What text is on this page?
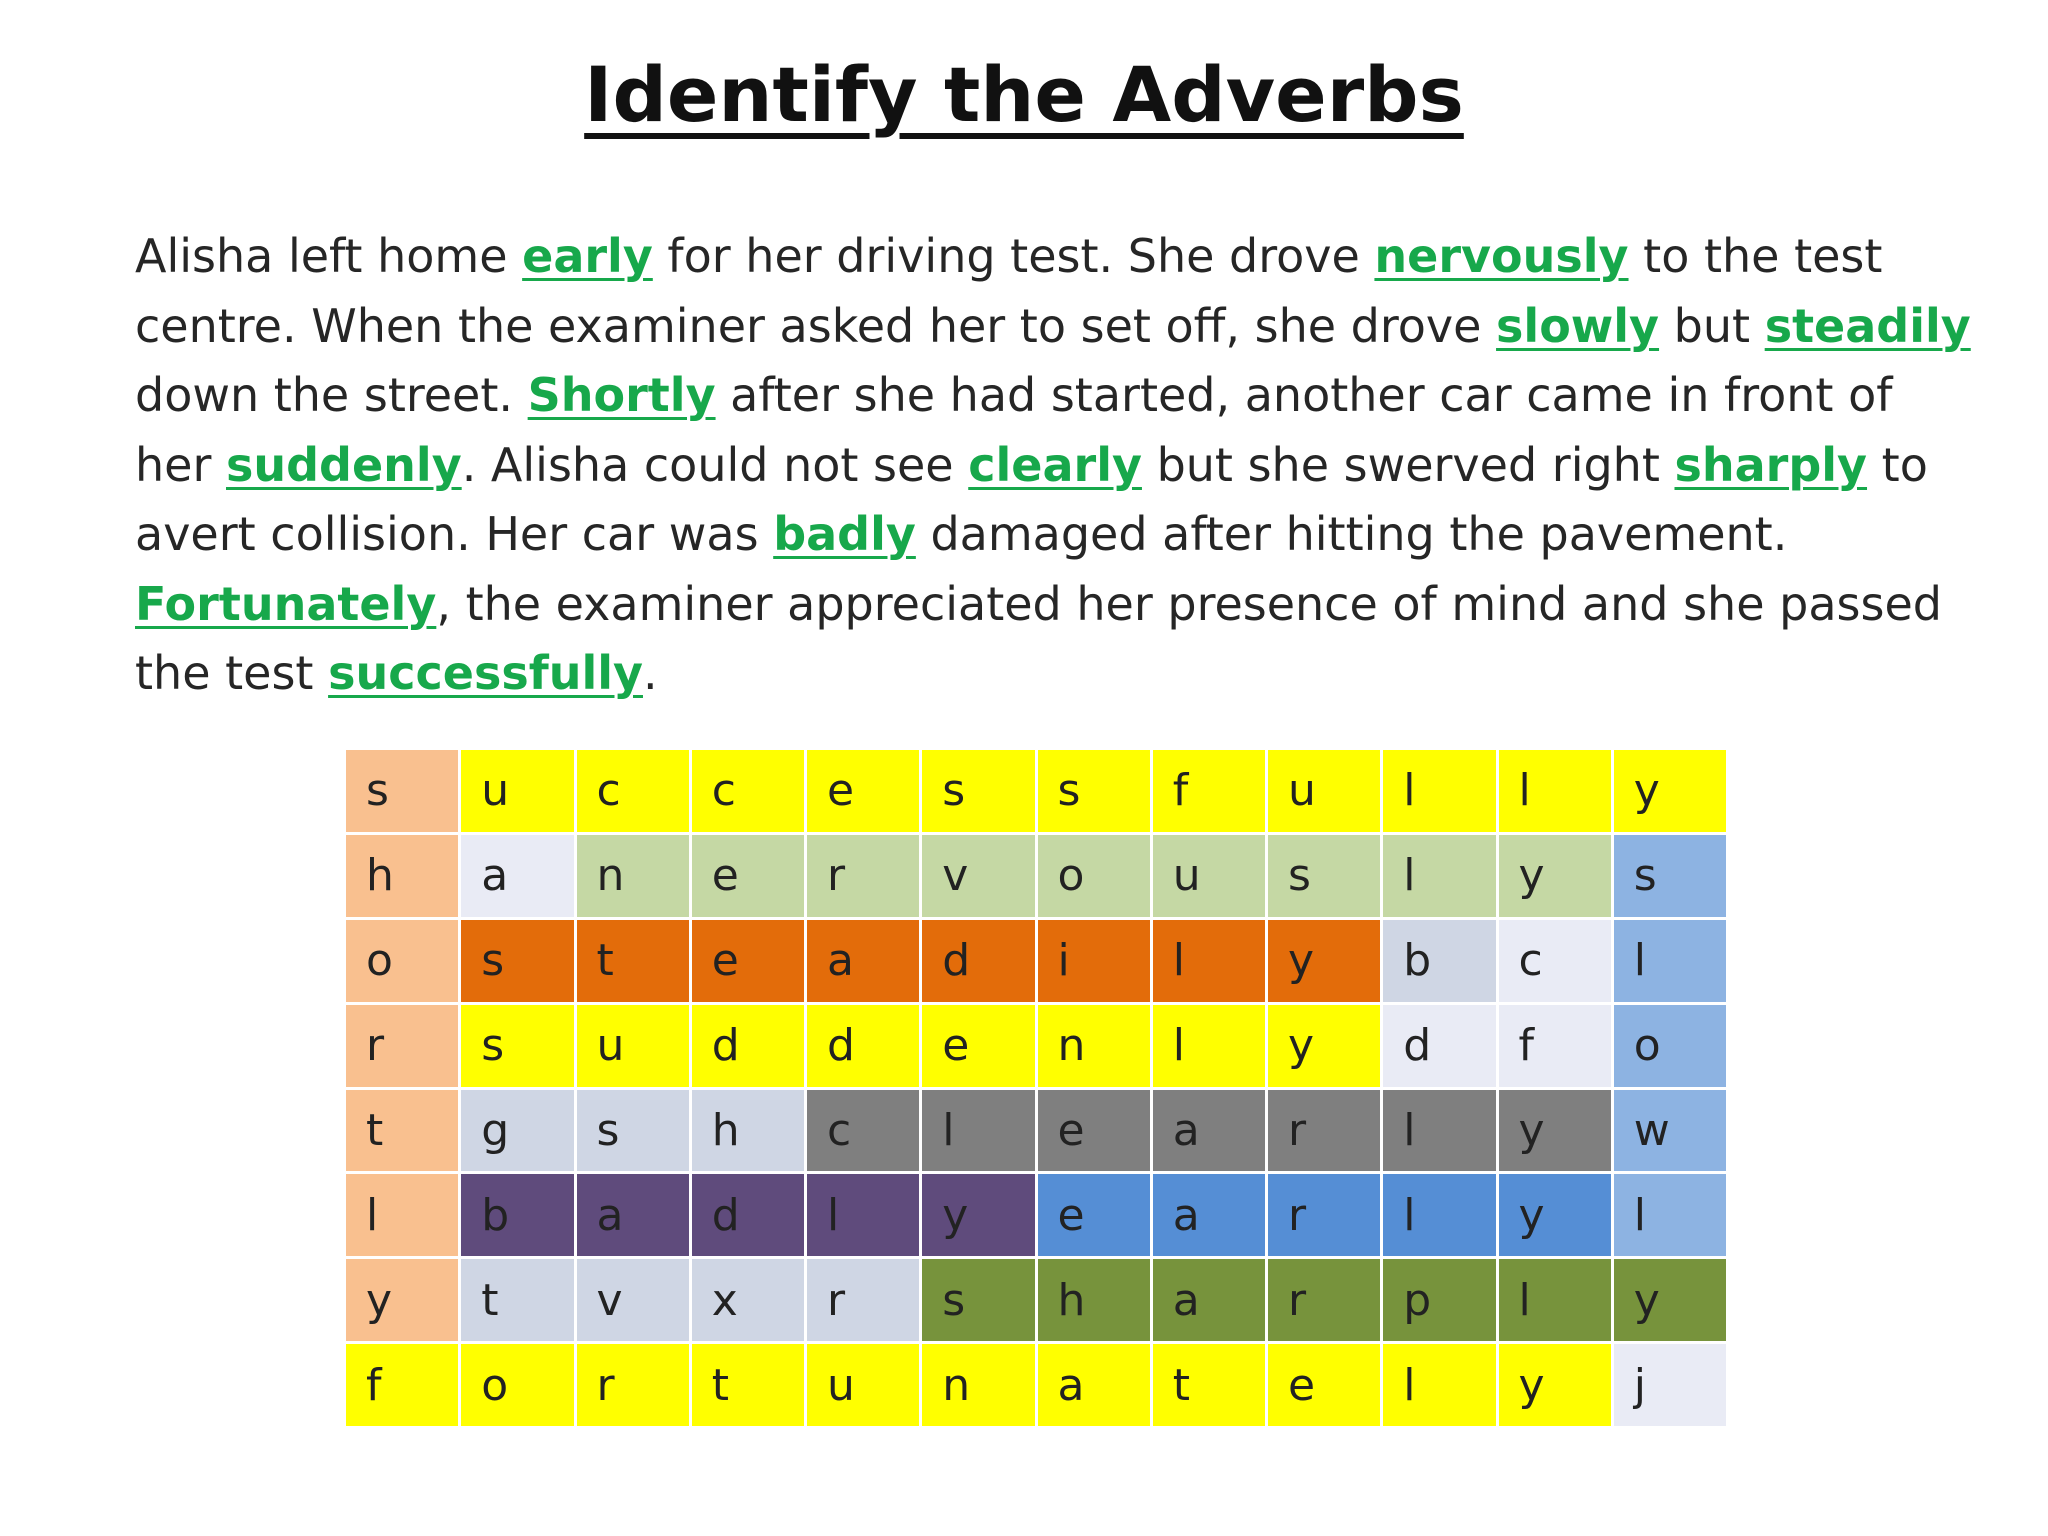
Identify the Adverbs
Alisha left home early for her driving test. She drove nervously to the test
centre. When the examiner asked her to set off, she drove slowly but steadily
down the street. Shortly after she had started, another car came in front of
her suddenly. Alisha could not see clearly but she swerved right sharply to
avert collision. Her car was badly damaged after hitting the pavement.
Fortunately, the examiner appreciated her presence of mind and she passed
the test successfully.
s	u	c	c	e	s	s	f	u	l	l	y
h	a	n	e	r	v	o	u	s	l	y	s
o	s	t	e	a	d	i	l	y	b	c	l
r	s	u	d	d	e	n	l	y	d	f	o
t	g	s	h	c	l	e	a	r	l	y	w
l	b	a	d	l	y	e	a	r	l	y	l
y	t	v	x	r	s	h	a	r	p	l	y
f	o	r	t	u	n	a	t	e	l	y	j
